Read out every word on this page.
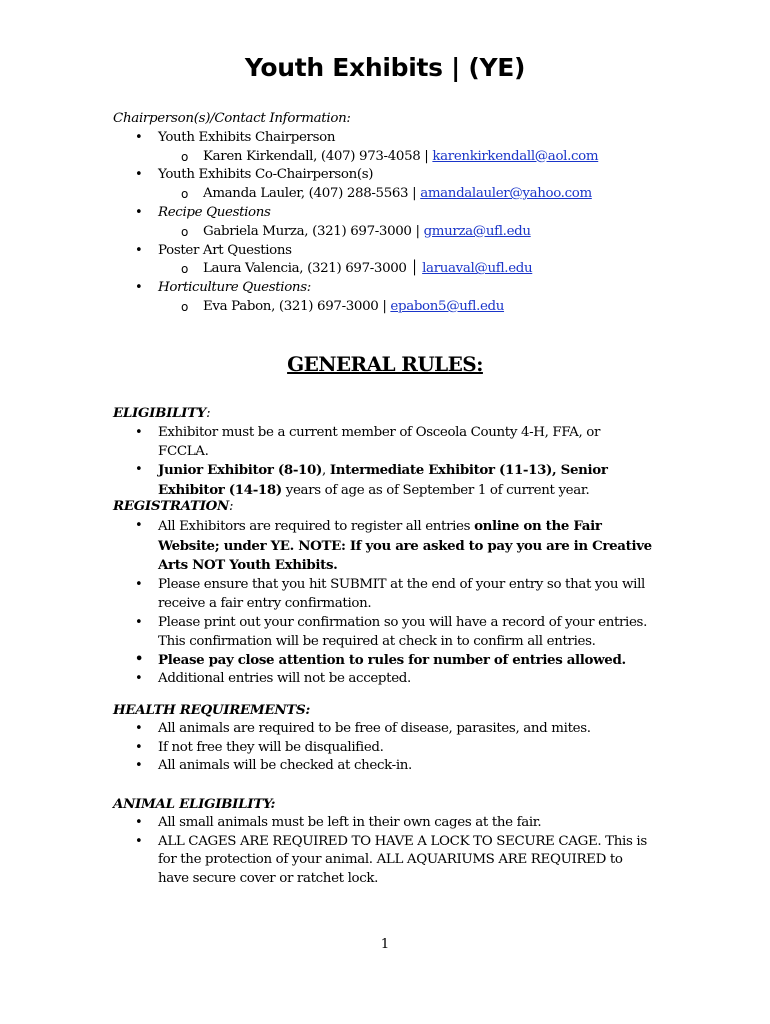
Youth Exhibits | (YE)
Chairperson(s)/Contact Information:
• Youth Exhibits Chairperson
o Karen Kirkendall, (407) 973-4058 | karenkirkendall@aol.com
• Youth Exhibits Co-Chairperson(s)
o Amanda Lauler, (407) 288-5563 | amandalauler@yahoo.com
• Recipe Questions
o Gabriela Murza, (321) 697-3000 | gmurza@ufl.edu
• Poster Art Questions
o Laura Valencia, (321) 697-3000 │ laruaval@ufl.edu
• Horticulture Questions:
o Eva Pabon, (321) 697-3000 | epabon5@ufl.edu
GENERAL RULES:
ELIGIBILITY:
• Exhibitor must be a current member of Osceola County 4-H, FFA, or FCCLA.
• Junior Exhibitor (8-10), Intermediate Exhibitor (11-13), Senior Exhibitor (14-18) years of age as of September 1 of current year.
REGISTRATION:
• All Exhibitors are required to register all entries online on the Fair Website; under YE. NOTE: If you are asked to pay you are in Creative Arts NOT Youth Exhibits.
• Please ensure that you hit SUBMIT at the end of your entry so that you will receive a fair entry confirmation.
• Please print out your confirmation so you will have a record of your entries. This confirmation will be required at check in to confirm all entries.
• Please pay close attention to rules for number of entries allowed.
• Additional entries will not be accepted.
HEALTH REQUIREMENTS:
• All animals are required to be free of disease, parasites, and mites.
• If not free they will be disqualified.
• All animals will be checked at check-in.
ANIMAL ELIGIBILITY:
• All small animals must be left in their own cages at the fair.
• ALL CAGES ARE REQUIRED TO HAVE A LOCK TO SECURE CAGE. This is for the protection of your animal. ALL AQUARIUMS ARE REQUIRED to have secure cover or ratchet lock.
1
